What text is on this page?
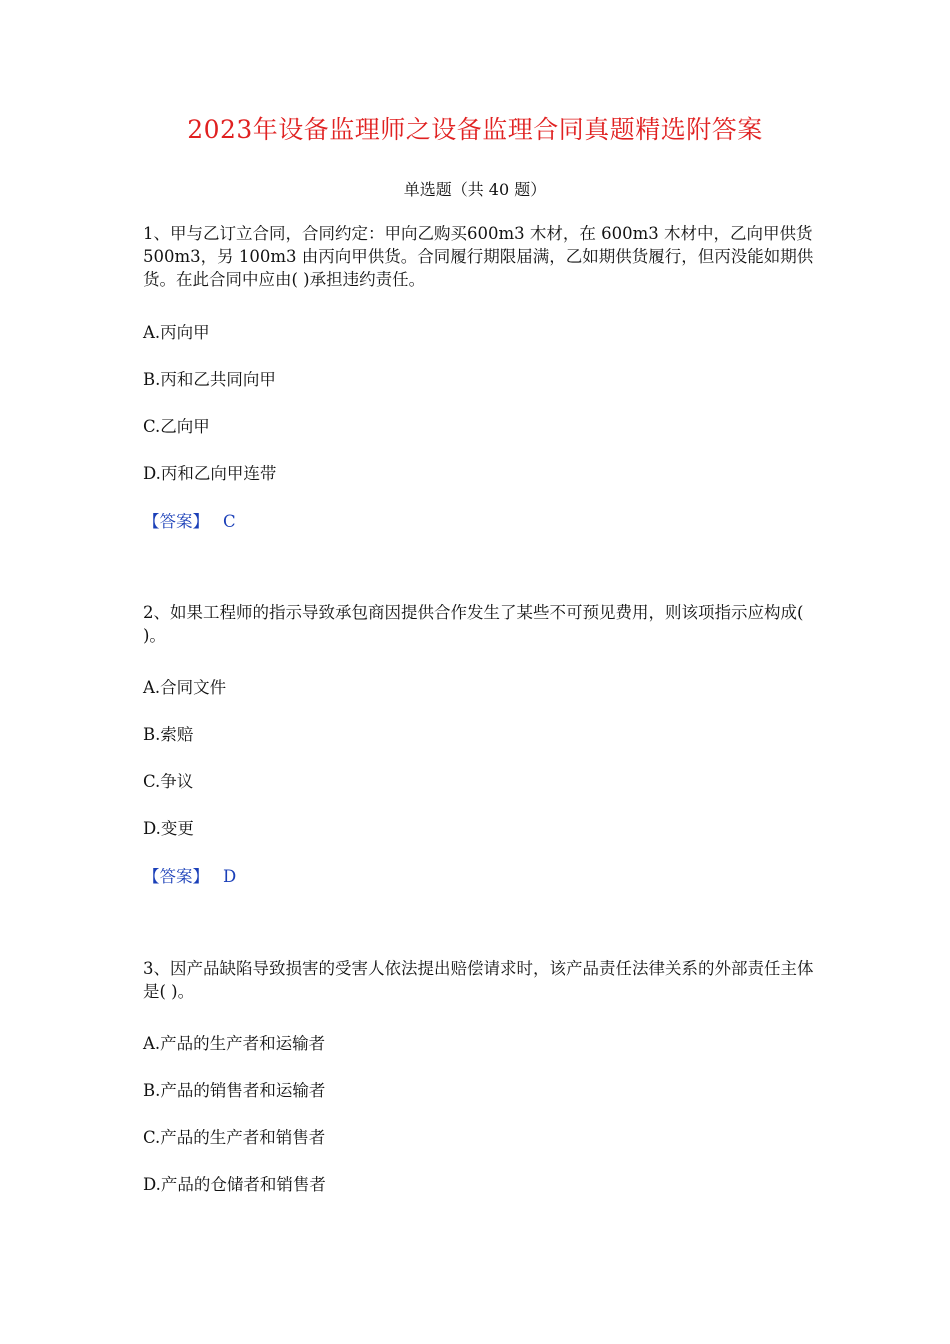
2023年设备监理师之设备监理合同真题精选附答案
单选题（共 40 题）
1、甲与乙订立合同，合同约定：甲向乙购买600m3 木材，在 600m3 木材中，乙向甲供货 500m3，另 100m3 由丙向甲供货。合同履行期限届满，乙如期供货履行，但丙没能如期供货。在此合同中应由( )承担违约责任。
A.丙向甲
B.丙和乙共同向甲
C.乙向甲
D.丙和乙向甲连带
【答案】 C
2、如果工程师的指示导致承包商因提供合作发生了某些不可预见费用，则该项指示应构成( )。
A.合同文件
B.索赔
C.争议
D.变更
【答案】 D
3、因产品缺陷导致损害的受害人依法提出赔偿请求时，该产品责任法律关系的外部责任主体是( )。
A.产品的生产者和运输者
B.产品的销售者和运输者
C.产品的生产者和销售者
D.产品的仓储者和销售者
